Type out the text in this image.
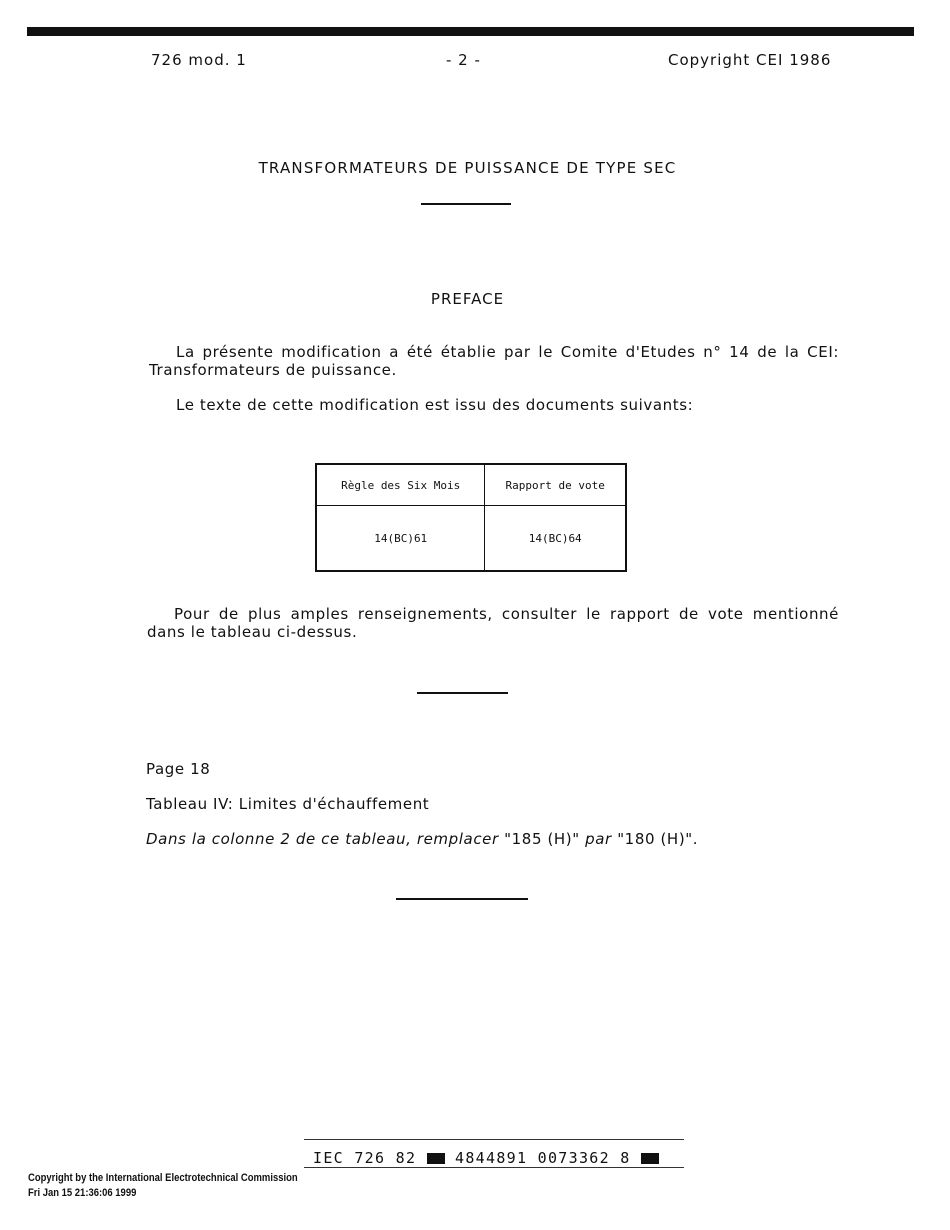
726 mod. 1	- 2 -	Copyright CEI 1986
TRANSFORMATEURS DE PUISSANCE DE TYPE SEC
PREFACE
La présente modification a été établie par le Comite d'Etudes n° 14 de la CEI: Transformateurs de puissance.
Le texte de cette modification est issu des documents suivants:
Règle des Six Mois	Rapport de vote
14(BC)61	14(BC)64
Pour de plus amples renseignements, consulter le rapport de vote mentionné dans le tableau ci-dessus.
Page 18
Tableau IV: Limites d'échauffement
Dans la colonne 2 de ce tableau, remplacer "185 (H)" par "180 (H)".
IEC 726 82	4844891 0073362 8
Copyright by the International Electrotechnical Commission
Fri Jan 15 21:36:06 1999
